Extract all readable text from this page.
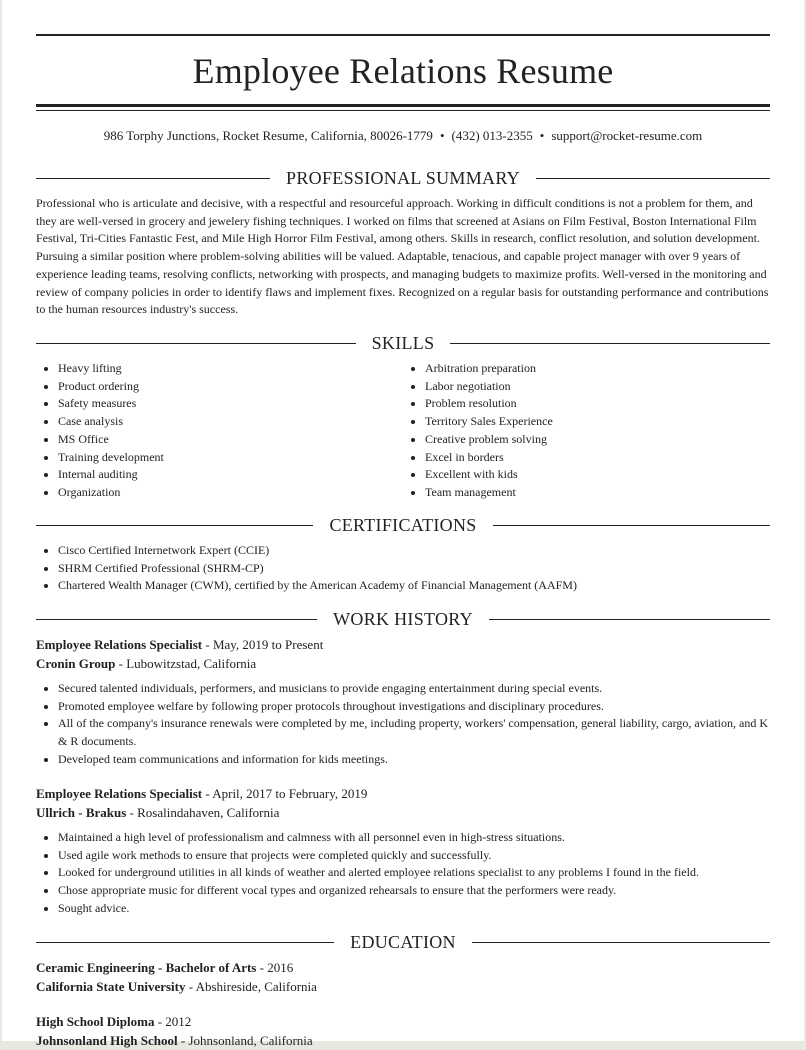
Employee Relations Resume
986 Torphy Junctions, Rocket Resume, California, 80026-1779 • (432) 013-2355 • support@rocket-resume.com
PROFESSIONAL SUMMARY

Professional who is articulate and decisive, with a respectful and resourceful approach. Working in difficult conditions is not a problem for them, and they are well-versed in grocery and jewelery fishing techniques. I worked on films that screened at Asians on Film Festival, Boston International Film Festival, Tri-Cities Fantastic Fest, and Mile High Horror Film Festival, among others. Skills in research, conflict resolution, and solution development. Pursuing a similar position where problem-solving abilities will be valued. Adaptable, tenacious, and capable project manager with over 9 years of experience leading teams, resolving conflicts, networking with prospects, and managing budgets to maximize profits. Well-versed in the monitoring and review of company policies in order to identify flaws and implement fixes. Recognized on a regular basis for outstanding performance and contributions to the human resources industry's success.

SKILLS
• Heavy lifting
• Product ordering
• Safety measures
• Case analysis
• MS Office
• Training development
• Internal auditing
• Organization
• Arbitration preparation
• Labor negotiation
• Problem resolution
• Territory Sales Experience
• Creative problem solving
• Excel in borders
• Excellent with kids
• Team management
CERTIFICATIONS
• Cisco Certified Internetwork Expert (CCIE)
• SHRM Certified Professional (SHRM-CP)
• Chartered Wealth Manager (CWM), certified by the American Academy of Financial Management (AAFM)
WORK HISTORY
Employee Relations Specialist - May, 2019 to Present
Cronin Group - Lubowitzstad, California
• Secured talented individuals, performers, and musicians to provide engaging entertainment during special events.
• Promoted employee welfare by following proper protocols throughout investigations and disciplinary procedures.
• All of the company's insurance renewals were completed by me, including property, workers' compensation, general liability, cargo, aviation, and K & R documents.
• Developed team communications and information for kids meetings.
Employee Relations Specialist - April, 2017 to February, 2019
Ullrich - Brakus - Rosalindahaven, California
• Maintained a high level of professionalism and calmness with all personnel even in high-stress situations.
• Used agile work methods to ensure that projects were completed quickly and successfully.
• Looked for underground utilities in all kinds of weather and alerted employee relations specialist to any problems I found in the field.
• Chose appropriate music for different vocal types and organized rehearsals to ensure that the performers were ready.
• Sought advice.
EDUCATION
Ceramic Engineering - Bachelor of Arts - 2016
California State University - Abshireside, California
High School Diploma - 2012
Johnsonland High School - Johnsonland, California
